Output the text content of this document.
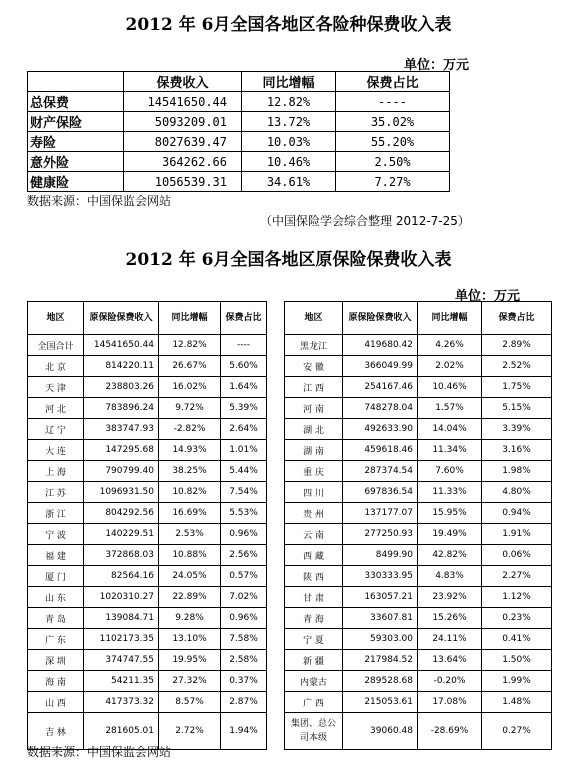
2012 年 6月全国各地区各险种保费收入表
单位：万元
	保费收入	同比增幅	保费占比
总保费	14541650.44	12.82%	----
财产保险	5093209.01	13.72%	35.02%
寿险	8027639.47	10.03%	55.20%
意外险	364262.66	10.46%	2.50%
健康险	1056539.31	34.61%	7.27%
数据来源：中国保监会网站
（中国保险学会综合整理 2012-7-25）
2012 年 6月全国各地区原保险保费收入表
单位：万元
地区	原保险保费收入	同比增幅	保费占比		地区	原保险保费收入	同比增幅	保费占比
全国合计	14541650.44	12.82%	----		黑龙江	419680.42	4.26%	2.89%
北 京	814220.11	26.67%	5.60%		安 徽	366049.99	2.02%	2.52%
天 津	238803.26	16.02%	1.64%		江 西	254167.46	10.46%	1.75%
河 北	783896.24	9.72%	5.39%		河 南	748278.04	1.57%	5.15%
辽 宁	383747.93	-2.82%	2.64%		湖 北	492633.90	14.04%	3.39%
大 连	147295.68	14.93%	1.01%		湖 南	459618.46	11.34%	3.16%
上 海	790799.40	38.25%	5.44%		重 庆	287374.54	7.60%	1.98%
江 苏	1096931.50	10.82%	7.54%		四 川	697836.54	11.33%	4.80%
浙 江	804292.56	16.69%	5.53%		贵 州	137177.07	15.95%	0.94%
宁 波	140229.51	2.53%	0.96%		云 南	277250.93	19.49%	1.91%
福 建	372868.03	10.88%	2.56%		西 藏	8499.90	42.82%	0.06%
厦 门	82564.16	24.05%	0.57%		陕 西	330333.95	4.83%	2.27%
山 东	1020310.27	22.89%	7.02%		甘 肃	163057.21	23.92%	1.12%
青 岛	139084.71	9.28%	0.96%		青 海	33607.81	15.26%	0.23%
广 东	1102173.35	13.10%	7.58%		宁 夏	59303.00	24.11%	0.41%
深 圳	374747.55	19.95%	2.58%		新 疆	217984.52	13.64%	1.50%
海 南	54211.35	27.32%	0.37%		内蒙古	289528.68	-0.20%	1.99%
山 西	417373.32	8.57%	2.87%		广 西	215053.61	17.08%	1.48%
吉 林	281605.01	2.72%	1.94%		集团、总公司本级	39060.48	-28.69%	0.27%
数据来源：中国保监会网站
